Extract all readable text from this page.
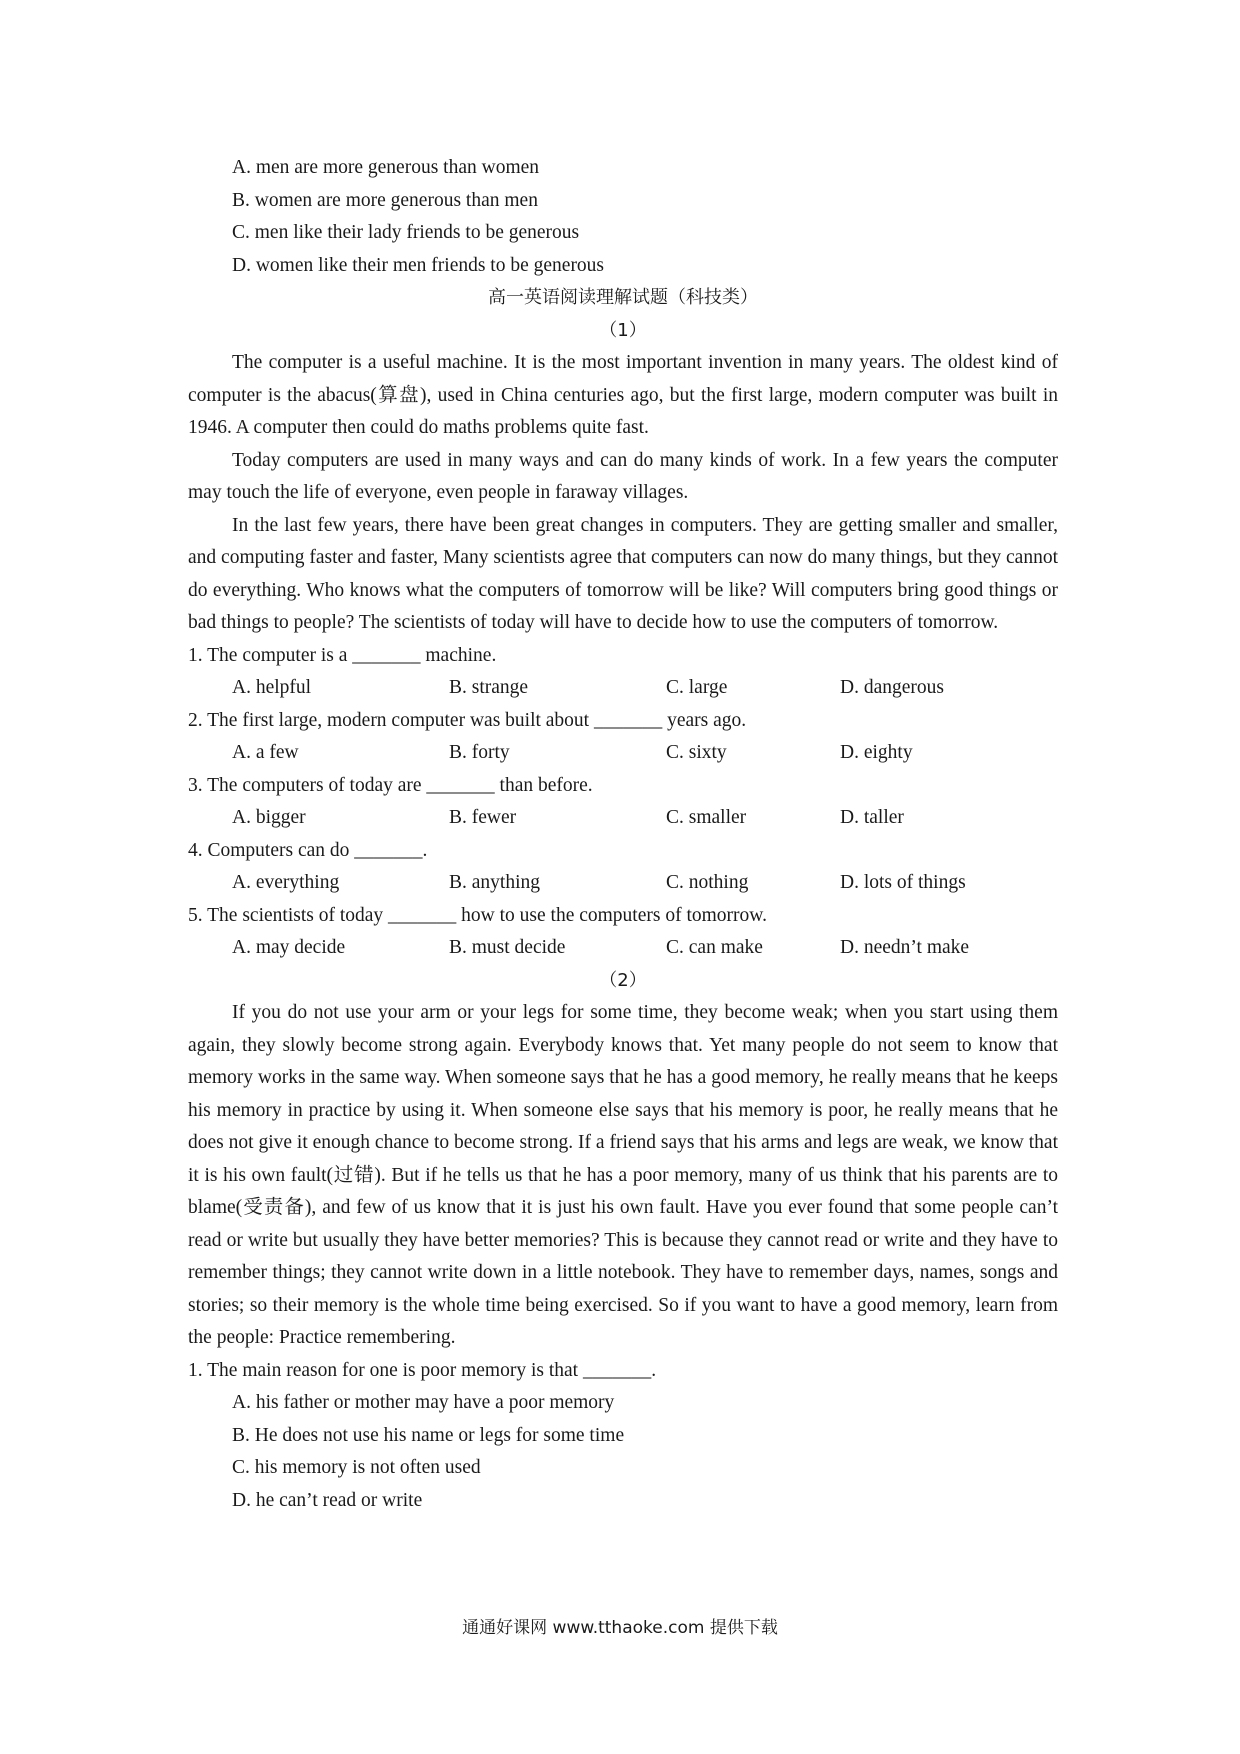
A. men are more generous than women

B. women are more generous than men

C. men like their lady friends to be generous

D. women like their men friends to be generous

高一英语阅读理解试题（科技类）

（1）

The computer is a useful machine. It is the most important invention in many years. The oldest kind of computer is the abacus(算盘), used in China centuries ago, but the first large, modern computer was built in 1946. A computer then could do maths problems quite fast.

Today computers are used in many ways and can do many kinds of work. In a few years the computer may touch the life of everyone, even people in faraway villages.

In the last few years, there have been great changes in computers. They are getting smaller and smaller, and computing faster and faster, Many scientists agree that computers can now do many things, but they cannot do everything. Who knows what the computers of tomorrow will be like? Will computers bring good things or bad things to people? The scientists of today will have to decide how to use the computers of tomorrow.

1. The computer is a _______ machine.

A. helpful	B. strange	C. large	D. dangerous

2. The first large, modern computer was built about _______ years ago.

A. a few	B. forty	C. sixty	D. eighty

3. The computers of today are _______ than before.

A. bigger	B. fewer	C. smaller	D. taller

4. Computers can do _______.

A. everything	B. anything	C. nothing	D. lots of things

5. The scientists of today _______ how to use the computers of tomorrow.

A. may decide	B. must decide	C. can make	D. needn’t make

（2）

If you do not use your arm or your legs for some time, they become weak; when you start using them again, they slowly become strong again. Everybody knows that. Yet many people do not seem to know that memory works in the same way. When someone says that he has a good memory, he really means that he keeps his memory in practice by using it. When someone else says that his memory is poor, he really means that he does not give it enough chance to become strong. If a friend says that his arms and legs are weak, we know that it is his own fault(过错). But if he tells us that he has a poor memory, many of us think that his parents are to blame(受责备), and few of us know that it is just his own fault. Have you ever found that some people can’t read or write but usually they have better memories? This is because they cannot read or write and they have to remember things; they cannot write down in a little notebook. They have to remember days, names, songs and stories; so their memory is the whole time being exercised. So if you want to have a good memory, learn from the people: Practice remembering.

1. The main reason for one is poor memory is that _______.

A. his father or mother may have a poor memory

B. He does not use his name or legs for some time

C. his memory is not often used

D. he can’t read or write

通通好课网 www.tthaoke.com 提供下载
